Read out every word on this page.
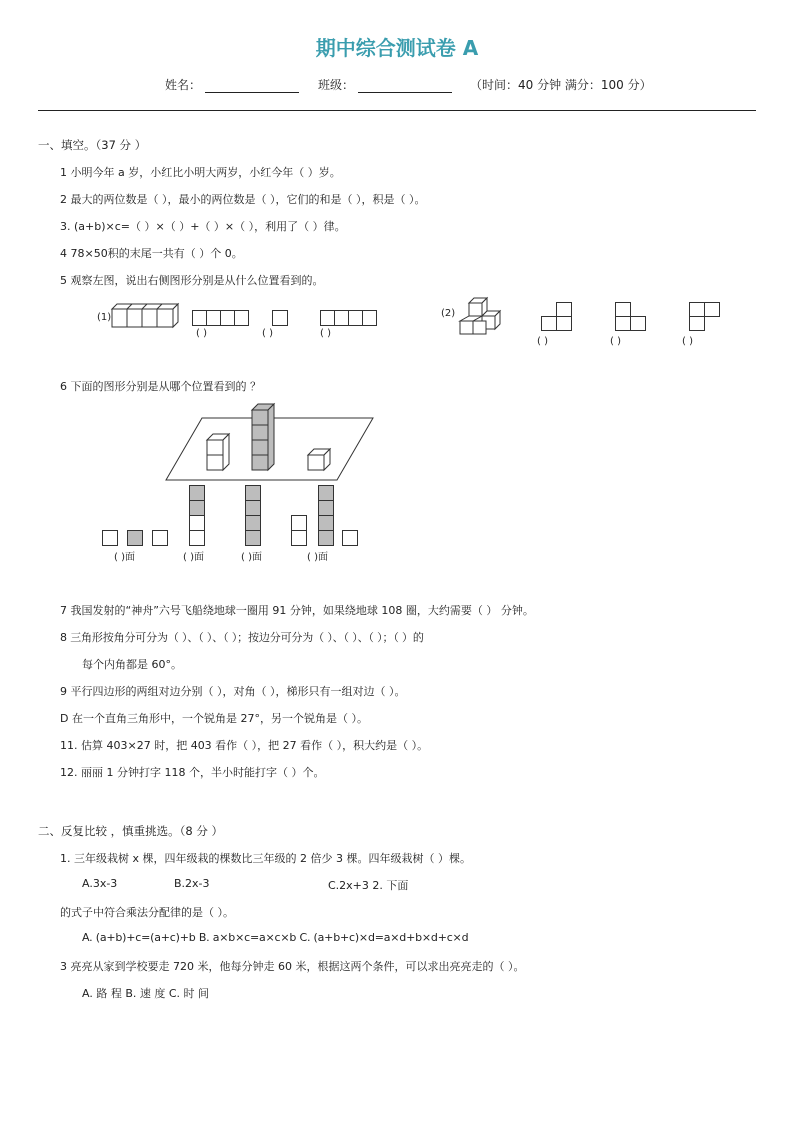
期中综合测试卷 A
姓名：	班级：	（时间：40 分钟 满分：100 分）
一、填空。（37 分 ）
1 小明今年 a 岁，小红比小明大两岁，小红今年（ ）岁。
2 最大的两位数是（ ），最小的两位数是（ ），它们的和是（ ），积是（ ）。
3. (a+b)×c=（ ）×（ ）+（ ）×（ ），利用了（ ）律。
4 78×50积的末尾一共有（ ）个 0。
5 观察左图，说出右侧图形分别是从什么位置看到的。
(1)
( )	( )	( )
(2)
( )	( )	( )
6 下面的图形分别是从哪个位置看到的 ？
( )面	( )面	( )面	( )面
7 我国发射的“神舟”六号飞船绕地球一圈用 91 分钟，如果绕地球 108 圈，大约需要（ ） 分钟。
8 三角形按角分可分为（ ）、（ ）、（ ）；按边分可分为（ ）、（ ）、（ ）；（ ）的
每个内角都是 60°。
9 平行四边形的两组对边分别（ ），对角（ ），梯形只有一组对边（ ）。
D 在一个直角三角形中，一个锐角是 27°，另一个锐角是（ ）。
11. 估算 403×27 时，把 403 看作（ ），把 27 看作（ ），积大约是（ ）。
12. 丽丽 1 分钟打字 118 个，半小时能打字（ ）个。
二、反复比较 ，慎重挑选。（8 分 ）
1. 三年级栽树 x 棵，四年级栽的棵数比三年级的 2 倍少 3 棵。四年级栽树（ ）棵。
A.3x-3	B.2x-3	C.2x+3 2. 下面
的式子中符合乘法分配律的是（ ）。
A. (a+b)+c=(a+c)+b B. a×b×c=a×c×b C. (a+b+c)×d=a×d+b×d+c×d
3 亮亮从家到学校要走 720 米，他每分钟走 60 米，根据这两个条件，可以求出亮亮走的（ ）。
A. 路 程 B. 速 度 C. 时 间
